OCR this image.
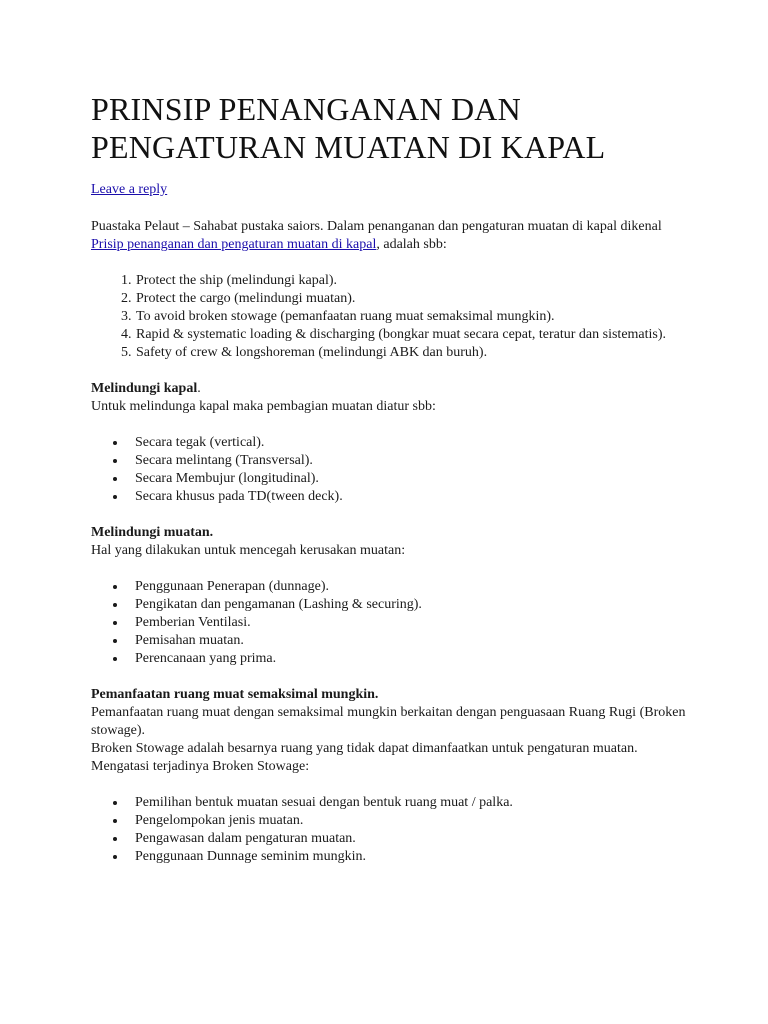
PRINSIP PENANGANAN DAN PENGATURAN MUATAN DI KAPAL
Leave a reply

Puastaka Pelaut – Sahabat pustaka saiors. Dalam penanganan dan pengaturan muatan di kapal dikenal Prisip penanganan dan pengaturan muatan di kapal, adalah sbb:

1. Protect the ship (melindungi kapal).
2. Protect the cargo (melindungi muatan).
3. To avoid broken stowage (pemanfaatan ruang muat semaksimal mungkin).
4. Rapid & systematic loading & discharging (bongkar muat secara cepat, teratur dan sistematis).
5. Safety of crew & longshoreman (melindungi ABK dan buruh).

Melindungi kapal.

Untuk melindunga kapal maka pembagian muatan diatur sbb:

Secara tegak (vertical).
Secara melintang (Transversal).
Secara Membujur (longitudinal).
Secara khusus pada TD(tween deck).

Melindungi muatan.

Hal yang dilakukan untuk mencegah kerusakan muatan:

Penggunaan Penerapan (dunnage).
Pengikatan dan pengamanan (Lashing & securing).
Pemberian Ventilasi.
Pemisahan muatan.
Perencanaan yang prima.

Pemanfaatan ruang muat semaksimal mungkin.

Pemanfaatan ruang muat dengan semaksimal mungkin berkaitan dengan penguasaan Ruang Rugi (Broken stowage).

Broken Stowage adalah besarnya ruang yang tidak dapat dimanfaatkan untuk pengaturan muatan.

Mengatasi terjadinya Broken Stowage:

Pemilihan bentuk muatan sesuai dengan bentuk ruang muat / palka.
Pengelompokan jenis muatan.
Pengawasan dalam pengaturan muatan.
Penggunaan Dunnage seminim mungkin.
